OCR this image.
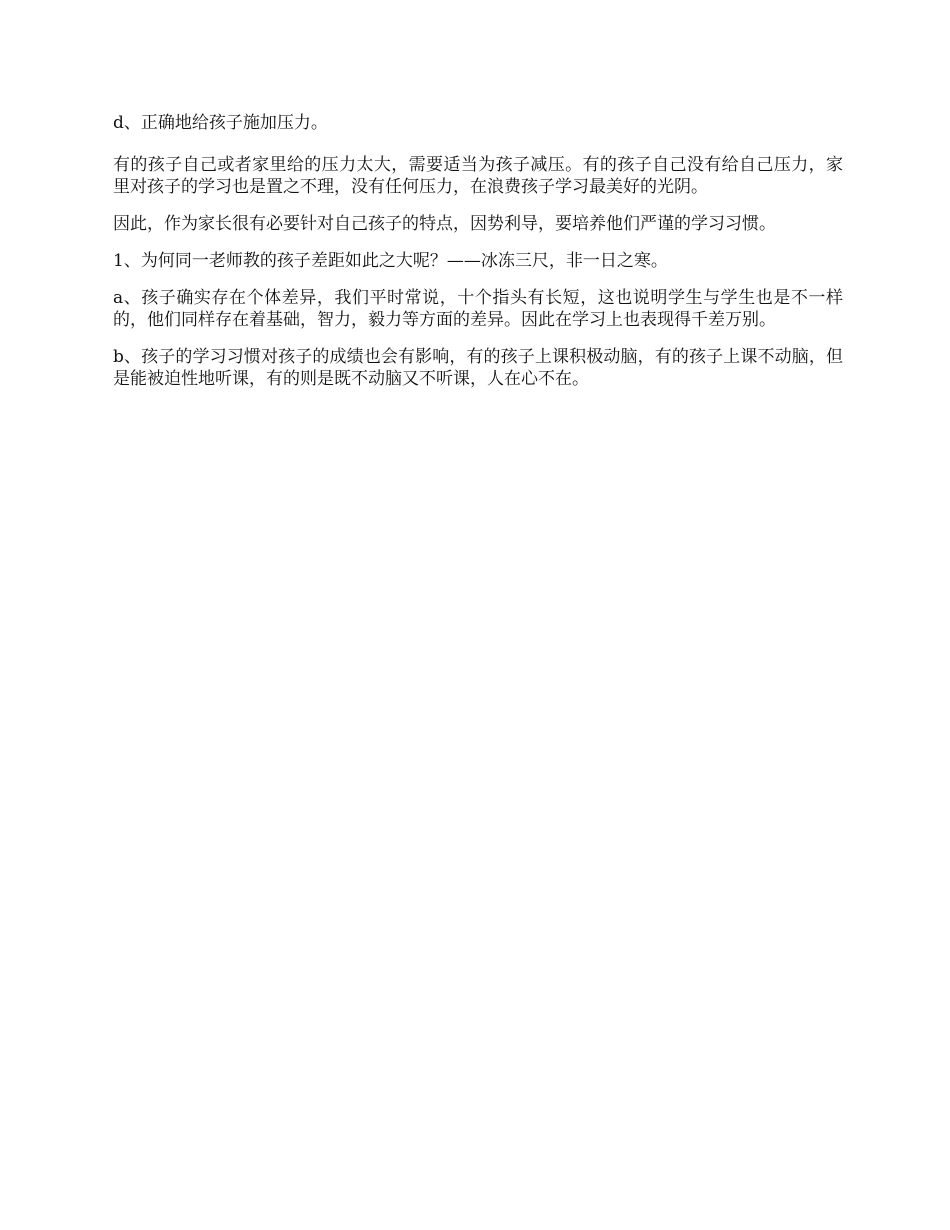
d、正确地给孩子施加压力。

有的孩子自己或者家里给的压力太大，需要适当为孩子减压。有的孩子自己没有给自己压力，家里对孩子的学习也是置之不理，没有任何压力，在浪费孩子学习最美好的光阴。

因此，作为家长很有必要针对自己孩子的特点，因势利导，要培养他们严谨的学习习惯。

1、为何同一老师教的孩子差距如此之大呢？——冰冻三尺，非一日之寒。

a、孩子确实存在个体差异，我们平时常说，十个指头有长短，这也说明学生与学生也是不一样的，他们同样存在着基础，智力，毅力等方面的差异。因此在学习上也表现得千差万别。

b、孩子的学习习惯对孩子的成绩也会有影响，有的孩子上课积极动脑，有的孩子上课不动脑，但是能被迫性地听课，有的则是既不动脑又不听课，人在心不在。
